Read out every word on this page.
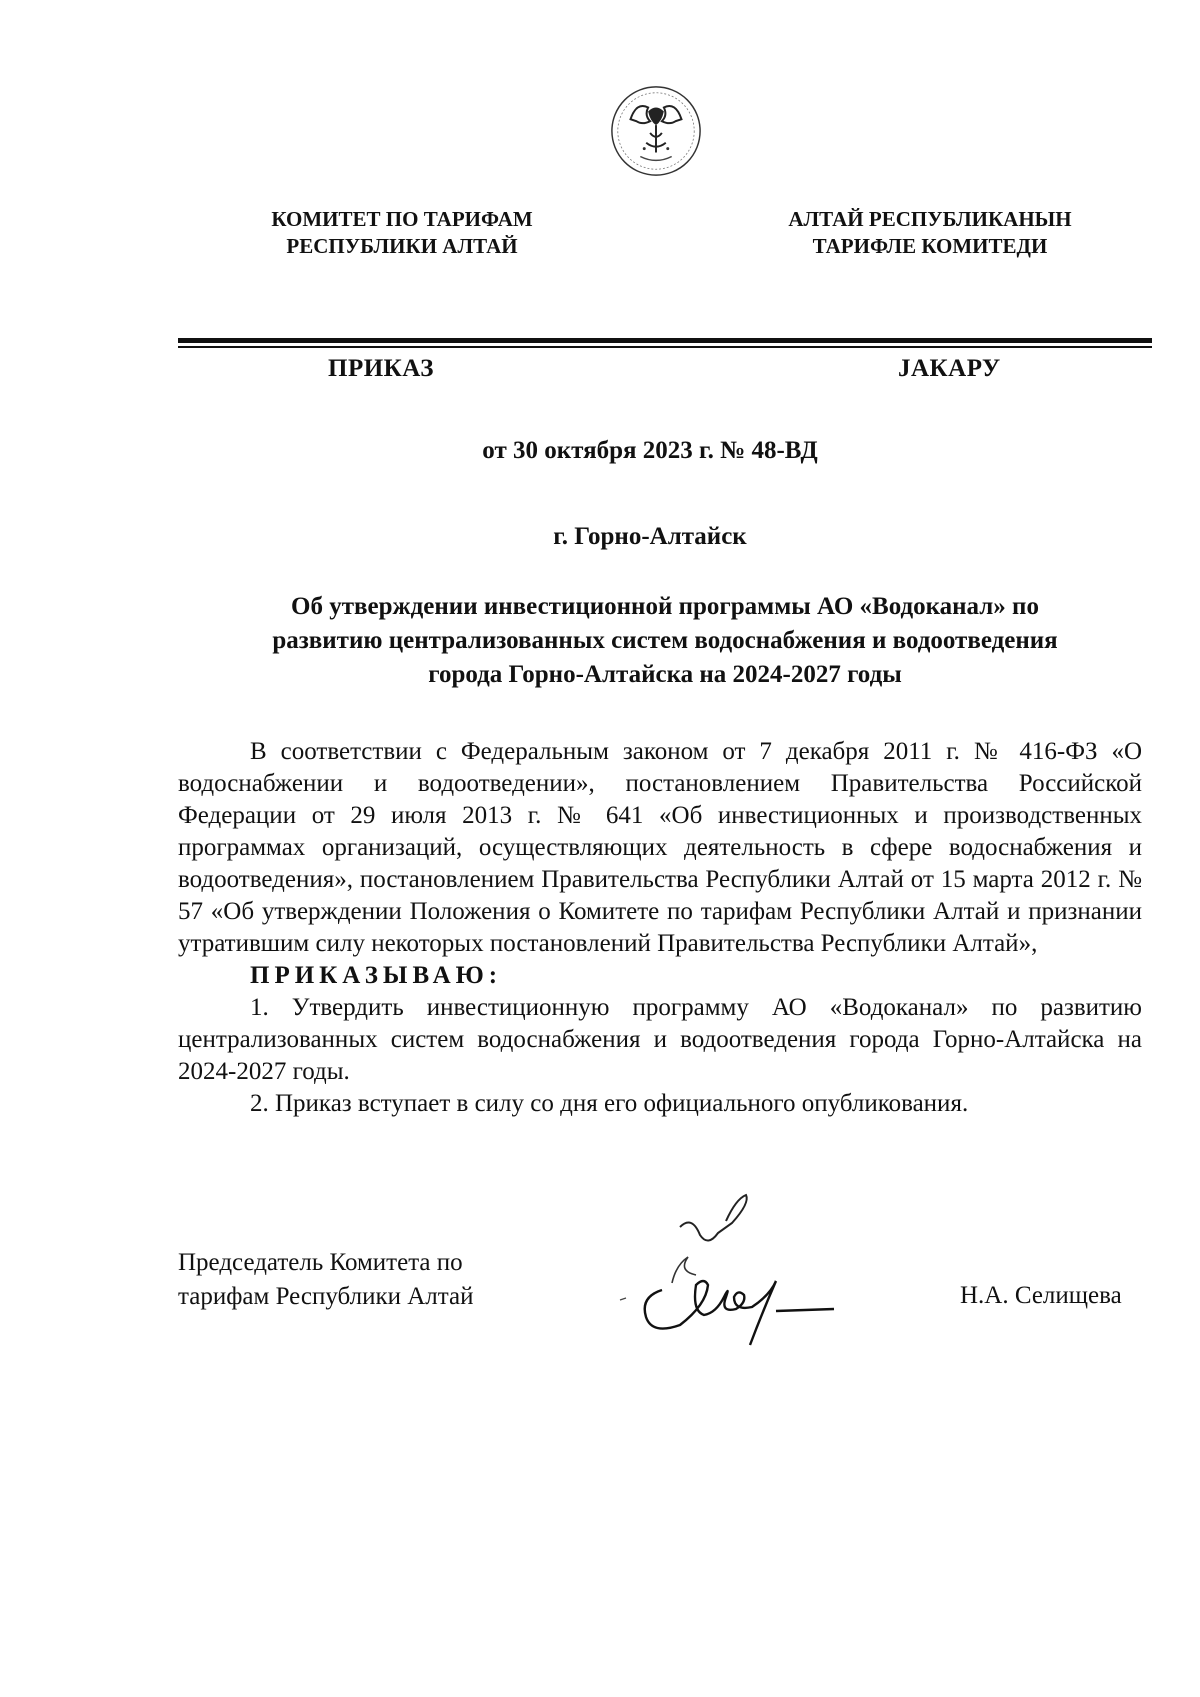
КОМИТЕТ ПО ТАРИФАМ
РЕСПУБЛИКИ АЛТАЙ
АЛТАЙ РЕСПУБЛИКАНЫН
ТАРИФЛЕ КОМИТЕДИ
ПРИКАЗ	JАКАРУ
от 30 октября 2023 г. № 48-ВД
г. Горно-Алтайск
Об утверждении инвестиционной программы АО «Водоканал» по
развитию централизованных систем водоснабжения и водоотведения
города Горно-Алтайска на 2024-2027 годы

В соответствии с Федеральным законом от 7 декабря 2011 г. № 416-ФЗ «О водоснабжении и водоотведении», постановлением Правительства Российской Федерации от 29 июля 2013 г. № 641 «Об инвестиционных и производственных программах организаций, осуществляющих деятельность в сфере водоснабжения и водоотведения», постановлением Правительства Республики Алтай от 15 марта 2012 г. № 57 «Об утверждении Положения о Комитете по тарифам Республики Алтай и признании утратившим силу некоторых постановлений Правительства Республики Алтай»,

ПРИКАЗЫВАЮ:

1. Утвердить инвестиционную программу АО «Водоканал» по развитию централизованных систем водоснабжения и водоотведения города Горно-Алтайска на 2024-2027 годы.

2. Приказ вступает в силу со дня его официального опубликования.

Председатель Комитета по
тарифам Республики Алтай	Н.А. Селищева
